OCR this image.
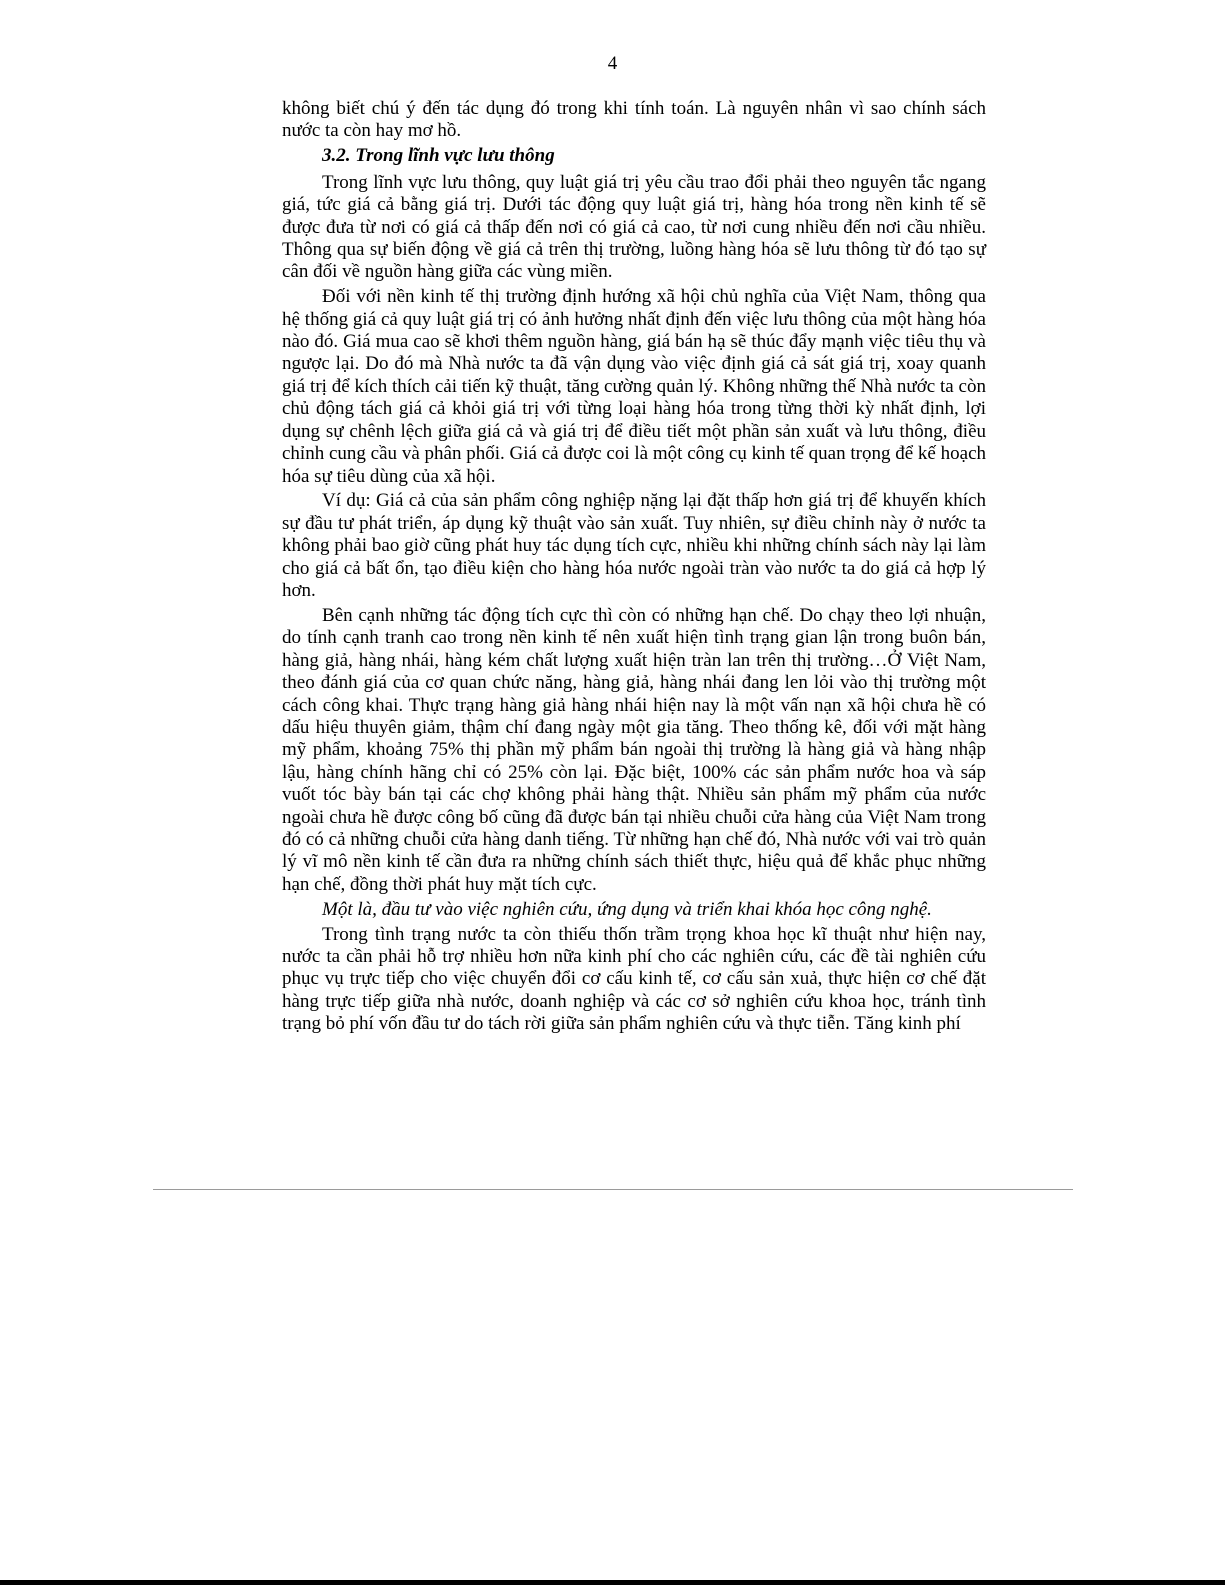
4

không biết chú ý đến tác dụng đó trong khi tính toán. Là nguyên nhân vì sao chính sách nước ta còn hay mơ hồ.

3.2. Trong lĩnh vực lưu thông

Trong lĩnh vực lưu thông, quy luật giá trị yêu cầu trao đổi phải theo nguyên tắc ngang giá, tức giá cả bằng giá trị. Dưới tác động quy luật giá trị, hàng hóa trong nền kinh tế sẽ được đưa từ nơi có giá cả thấp đến nơi có giá cả cao, từ nơi cung nhiều đến nơi cầu nhiều. Thông qua sự biến động về giá cả trên thị trường, luồng hàng hóa sẽ lưu thông từ đó tạo sự cân đối về nguồn hàng giữa các vùng miền.

Đối với nền kinh tế thị trường định hướng xã hội chủ nghĩa của Việt Nam, thông qua hệ thống giá cả quy luật giá trị có ảnh hưởng nhất định đến việc lưu thông của một hàng hóa nào đó. Giá mua cao sẽ khơi thêm nguồn hàng, giá bán hạ sẽ thúc đẩy mạnh việc tiêu thụ và ngược lại. Do đó mà Nhà nước ta đã vận dụng vào việc định giá cả sát giá trị, xoay quanh giá trị để kích thích cải tiến kỹ thuật, tăng cường quản lý. Không những thế Nhà nước ta còn chủ động tách giá cả khỏi giá trị với từng loại hàng hóa trong từng thời kỳ nhất định, lợi dụng sự chênh lệch giữa giá cả và giá trị để điều tiết một phần sản xuất và lưu thông, điều chỉnh cung cầu và phân phối. Giá cả được coi là một công cụ kinh tế quan trọng để kế hoạch hóa sự tiêu dùng của xã hội.

Ví dụ: Giá cả của sản phẩm công nghiệp nặng lại đặt thấp hơn giá trị để khuyến khích sự đầu tư phát triển, áp dụng kỹ thuật vào sản xuất. Tuy nhiên, sự điều chỉnh này ở nước ta không phải bao giờ cũng phát huy tác dụng tích cực, nhiều khi những chính sách này lại làm cho giá cả bất ổn, tạo điều kiện cho hàng hóa nước ngoài tràn vào nước ta do giá cả hợp lý hơn.

Bên cạnh những tác động tích cực thì còn có những hạn chế. Do chạy theo lợi nhuận, do tính cạnh tranh cao trong nền kinh tế nên xuất hiện tình trạng gian lận trong buôn bán, hàng giả, hàng nhái, hàng kém chất lượng xuất hiện tràn lan trên thị trường…Ở Việt Nam, theo đánh giá của cơ quan chức năng, hàng giả, hàng nhái đang len lỏi vào thị trường một cách công khai. Thực trạng hàng giả hàng nhái hiện nay là một vấn nạn xã hội chưa hề có dấu hiệu thuyên giảm, thậm chí đang ngày một gia tăng. Theo thống kê, đối với mặt hàng mỹ phẩm, khoảng 75% thị phần mỹ phẩm bán ngoài thị trường là hàng giả và hàng nhập lậu, hàng chính hãng chỉ có 25% còn lại. Đặc biệt, 100% các sản phẩm nước hoa và sáp vuốt tóc bày bán tại các chợ không phải hàng thật. Nhiều sản phẩm mỹ phẩm của nước ngoài chưa hề được công bố cũng đã được bán tại nhiều chuỗi cửa hàng của Việt Nam trong đó có cả những chuỗi cửa hàng danh tiếng. Từ những hạn chế đó, Nhà nước với vai trò quản lý vĩ mô nền kinh tế cần đưa ra những chính sách thiết thực, hiệu quả để khắc phục những hạn chế, đồng thời phát huy mặt tích cực.

Một là, đầu tư vào việc nghiên cứu, ứng dụng và triển khai khóa học công nghệ.

Trong tình trạng nước ta còn thiếu thốn trầm trọng khoa học kĩ thuật như hiện nay, nước ta cần phải hỗ trợ nhiều hơn nữa kinh phí cho các nghiên cứu, các đề tài nghiên cứu phục vụ trực tiếp cho việc chuyển đổi cơ cấu kinh tế, cơ cấu sản xuả, thực hiện cơ chế đặt hàng trực tiếp giữa nhà nước, doanh nghiệp và các cơ sở nghiên cứu khoa học, tránh tình trạng bỏ phí vốn đầu tư do tách rời giữa sản phẩm nghiên cứu và thực tiễn. Tăng kinh phí
